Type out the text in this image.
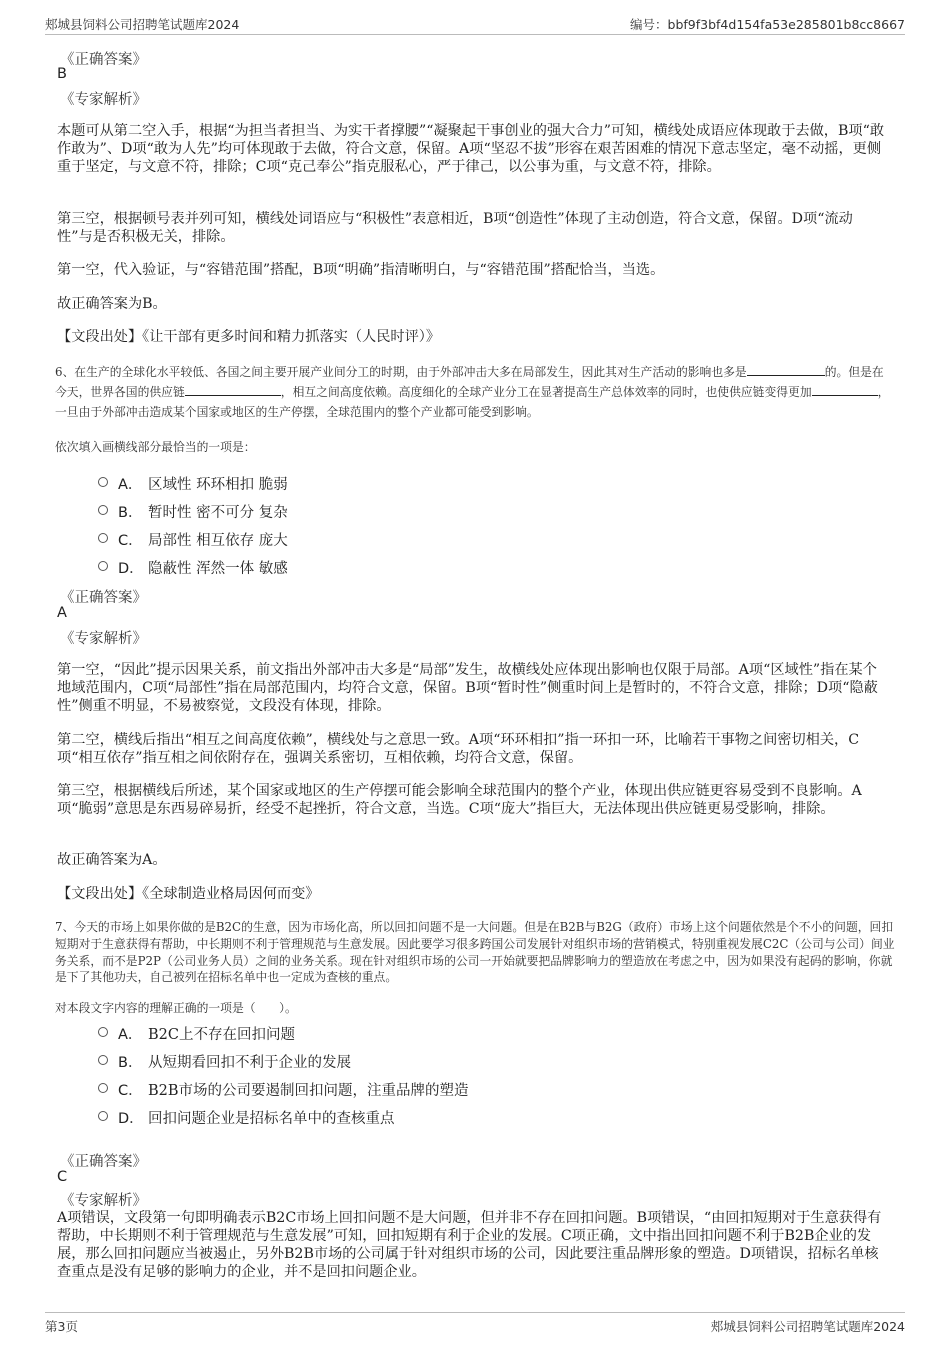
郏城县饲料公司招聘笔试题库2024	编号：bbf9f3bf4d154fa53e285801b8cc8667
《正确答案》
B
《专家解析》

本题可从第二空入手，根据“为担当者担当、为实干者撑腰”“凝聚起干事创业的强大合力”可知，横线处成语应体现敢于去做，B项“敢作敢为”、D项“敢为人先”均可体现敢于去做，符合文意，保留。A项“坚忍不拔”形容在艰苦困难的情况下意志坚定，毫不动摇，更侧重于坚定，与文意不符，排除；C项“克己奉公”指克服私心，严于律己，以公事为重，与文意不符，排除。

第三空，根据顿号表并列可知，横线处词语应与“积极性”表意相近，B项“创造性”体现了主动创造，符合文意，保留。D项“流动性”与是否积极无关，排除。

第一空，代入验证，与“容错范围”搭配，B项“明确”指清晰明白，与“容错范围”搭配恰当，当选。

故正确答案为B。

【文段出处】《让干部有更多时间和精力抓落实（人民时评）》

6、在生产的全球化水平较低、各国之间主要开展产业间分工的时期，由于外部冲击大多在局部发生，因此其对生产活动的影响也多是	的。但是在今天，世界各国的供应链	，相互之间高度依赖。高度细化的全球产业分工在显著提高生产总体效率的同时，也使供应链变得更加	，一旦由于外部冲击造成某个国家或地区的生产停摆，全球范围内的整个产业都可能受到影响。

依次填入画横线部分最恰当的一项是：

A． 区域性 环环相扣 脆弱
B． 暂时性 密不可分 复杂
C． 局部性 相互依存 庞大
D． 隐蔽性 浑然一体 敏感
《正确答案》
A
《专家解析》

第一空，“因此”提示因果关系，前文指出外部冲击大多是“局部”发生，故横线处应体现出影响也仅限于局部。A项“区域性”指在某个地域范围内，C项“局部性”指在局部范围内，均符合文意，保留。B项“暂时性”侧重时间上是暂时的，不符合文意，排除；D项“隐蔽性”侧重不明显，不易被察觉，文段没有体现，排除。

第二空，横线后指出“相互之间高度依赖”，横线处与之意思一致。A项“环环相扣”指一环扣一环，比喻若干事物之间密切相关，C项“相互依存”指互相之间依附存在，强调关系密切，互相依赖，均符合文意，保留。

第三空，根据横线后所述，某个国家或地区的生产停摆可能会影响全球范围内的整个产业，体现出供应链更容易受到不良影响。A项“脆弱”意思是东西易碎易折，经受不起挫折，符合文意，当选。C项“庞大”指巨大，无法体现出供应链更易受影响，排除。

故正确答案为A。

【文段出处】《全球制造业格局因何而变》

7、今天的市场上如果你做的是B2C的生意，因为市场化高，所以回扣问题不是一大问题。但是在B2B与B2G（政府）市场上这个问题依然是个不小的问题，回扣短期对于生意获得有帮助，中长期则不利于管理规范与生意发展。因此要学习很多跨国公司发展针对组织市场的营销模式，特别重视发展C2C（公司与公司）间业务关系，而不是P2P（公司业务人员）之间的业务关系。现在针对组织市场的公司一开始就要把品牌影响力的塑造放在考虑之中，因为如果没有起码的影响，你就是下了其他功夫，自己被列在招标名单中也一定成为查核的重点。

对本段文字内容的理解正确的一项是（　　）。

A． B2C上不存在回扣问题
B． 从短期看回扣不利于企业的发展
C． B2B市场的公司要遏制回扣问题，注重品牌的塑造
D． 回扣问题企业是招标名单中的查核重点
《正确答案》
C
《专家解析》

A项错误，文段第一句即明确表示B2C市场上回扣问题不是大问题，但并非不存在回扣问题。B项错误，“由回扣短期对于生意获得有帮助，中长期则不利于管理规范与生意发展”可知，回扣短期有利于企业的发展。C项正确，文中指出回扣问题不利于B2B企业的发展，那么回扣问题应当被遏止，另外B2B市场的公司属于针对组织市场的公司，因此要注重品牌形象的塑造。D项错误，招标名单核查重点是没有足够的影响力的企业，并不是回扣问题企业。

第3页	郏城县饲料公司招聘笔试题库2024
